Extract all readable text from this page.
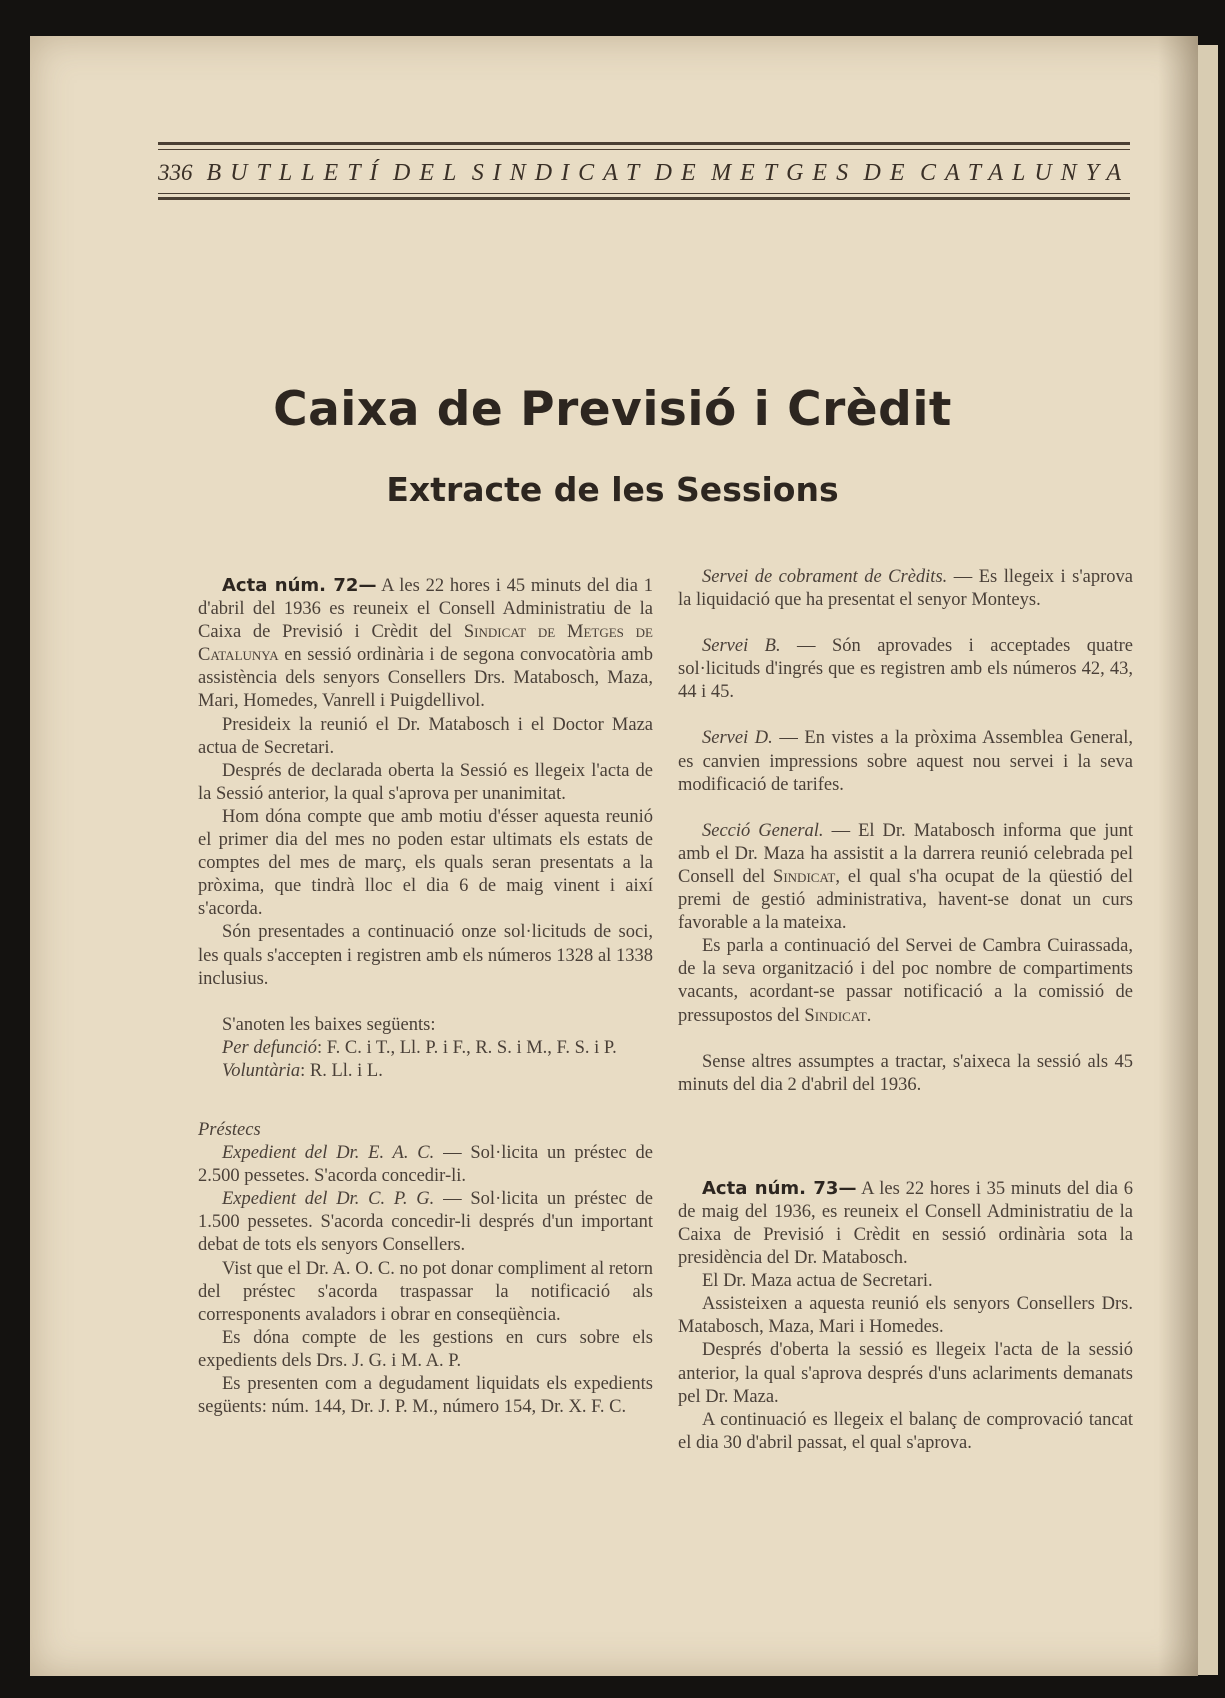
336 BUTLLETÍ DEL SINDICAT DE METGES DE CATALUNYA
Caixa de Previsió i Crèdit
Extracte de les Sessions

Acta núm. 72— A les 22 hores i 45 minuts del dia 1 d'abril del 1936 es reuneix el Consell Administratiu de la Caixa de Previsió i Crèdit del Sindicat de Metges de Catalunya en sessió ordinària i de segona convocatòria amb assistència dels senyors Consellers Drs. Matabosch, Maza, Mari, Homedes, Vanrell i Puigdellivol.

Presideix la reunió el Dr. Matabosch i el Doctor Maza actua de Secretari.

Després de declarada oberta la Sessió es llegeix l'acta de la Sessió anterior, la qual s'aprova per unanimitat.

Hom dóna compte que amb motiu d'ésser aquesta reunió el primer dia del mes no poden estar ultimats els estats de comptes del mes de març, els quals seran presentats a la pròxima, que tindrà lloc el dia 6 de maig vinent i així s'acorda.

Són presentades a continuació onze sol·licituds de soci, les quals s'accepten i registren amb els números 1328 al 1338 inclusius.

S'anoten les baixes següents:

Per defunció: F. C. i T., Ll. P. i F., R. S. i M., F. S. i P.

Voluntària: R. Ll. i L.

Préstecs

Expedient del Dr. E. A. C. — Sol·licita un préstec de 2.500 pessetes. S'acorda concedir-li.

Expedient del Dr. C. P. G. — Sol·licita un préstec de 1.500 pessetes. S'acorda concedir-li després d'un important debat de tots els senyors Consellers.

Vist que el Dr. A. O. C. no pot donar compliment al retorn del préstec s'acorda traspassar la notificació als corresponents avaladors i obrar en conseqüència.

Es dóna compte de les gestions en curs sobre els expedients dels Drs. J. G. i M. A. P.

Es presenten com a degudament liquidats els expedients següents: núm. 144, Dr. J. P. M., número 154, Dr. X. F. C.

Servei de cobrament de Crèdits. — Es llegeix i s'aprova la liquidació que ha presentat el senyor Monteys.

Servei B. — Són aprovades i acceptades quatre sol·licituds d'ingrés que es registren amb els números 42, 43, 44 i 45.

Servei D. — En vistes a la pròxima Assemblea General, es canvien impressions sobre aquest nou servei i la seva modificació de tarifes.

Secció General. — El Dr. Matabosch informa que junt amb el Dr. Maza ha assistit a la darrera reunió celebrada pel Consell del Sindicat, el qual s'ha ocupat de la qüestió del premi de gestió administrativa, havent-se donat un curs favorable a la mateixa.

Es parla a continuació del Servei de Cambra Cuirassada, de la seva organització i del poc nombre de compartiments vacants, acordant-se passar notificació a la comissió de pressupostos del Sindicat.

Sense altres assumptes a tractar, s'aixeca la sessió als 45 minuts del dia 2 d'abril del 1936.

Acta núm. 73— A les 22 hores i 35 minuts del dia 6 de maig del 1936, es reuneix el Consell Administratiu de la Caixa de Previsió i Crèdit en sessió ordinària sota la presidència del Dr. Matabosch.

El Dr. Maza actua de Secretari.

Assisteixen a aquesta reunió els senyors Consellers Drs. Matabosch, Maza, Mari i Homedes.

Després d'oberta la sessió es llegeix l'acta de la sessió anterior, la qual s'aprova després d'uns aclariments demanats pel Dr. Maza.

A continuació es llegeix el balanç de comprovació tancat el dia 30 d'abril passat, el qual s'aprova.
